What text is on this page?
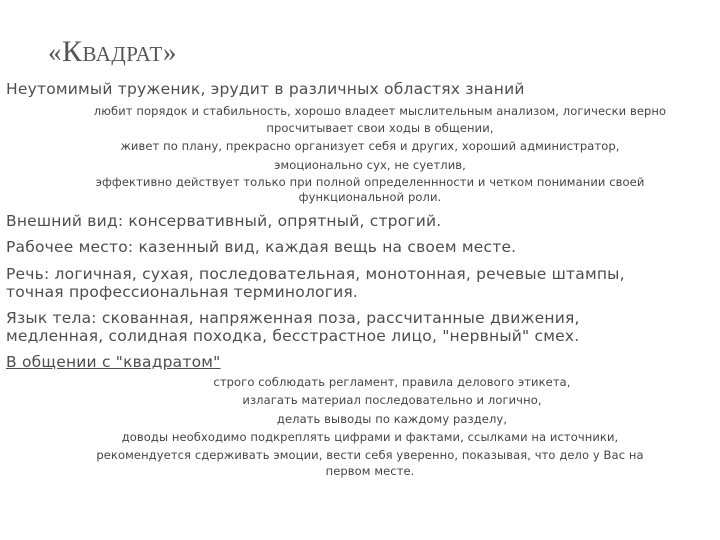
«КВАДРАТ»
Неутомимый труженик, эрудит в различных областях знаний
любит порядок и стабильность, хорошо владеет мыслительным анализом, логически верно
просчитывает свои ходы в общении,
живет по плану, прекрасно организует себя и других, хороший администратор,
эмоционально сух, не суетлив,
эффективно действует только при полной определеннности и четком понимании своей
функциональной роли.
Внешний вид: консервативный, опрятный, строгий.
Рабочее место: казенный вид, каждая вещь на своем месте.
Речь: логичная, сухая, последовательная, монотонная, речевые штампы,
точная профессиональная терминология.
Язык тела: скованная, напряженная поза, рассчитанные движения,
медленная, солидная походка, бесстрастное лицо, "нервный" смех.
В общении с "квадратом"
строго соблюдать регламент, правила делового этикета,
излагать материал последовательно и логично,
делать выводы по каждому разделу,
доводы необходимо подкреплять цифрами и фактами, ссылками на источники,
рекомендуется сдерживать эмоции, вести себя уверенно, показывая, что дело у Вас на
первом месте.
